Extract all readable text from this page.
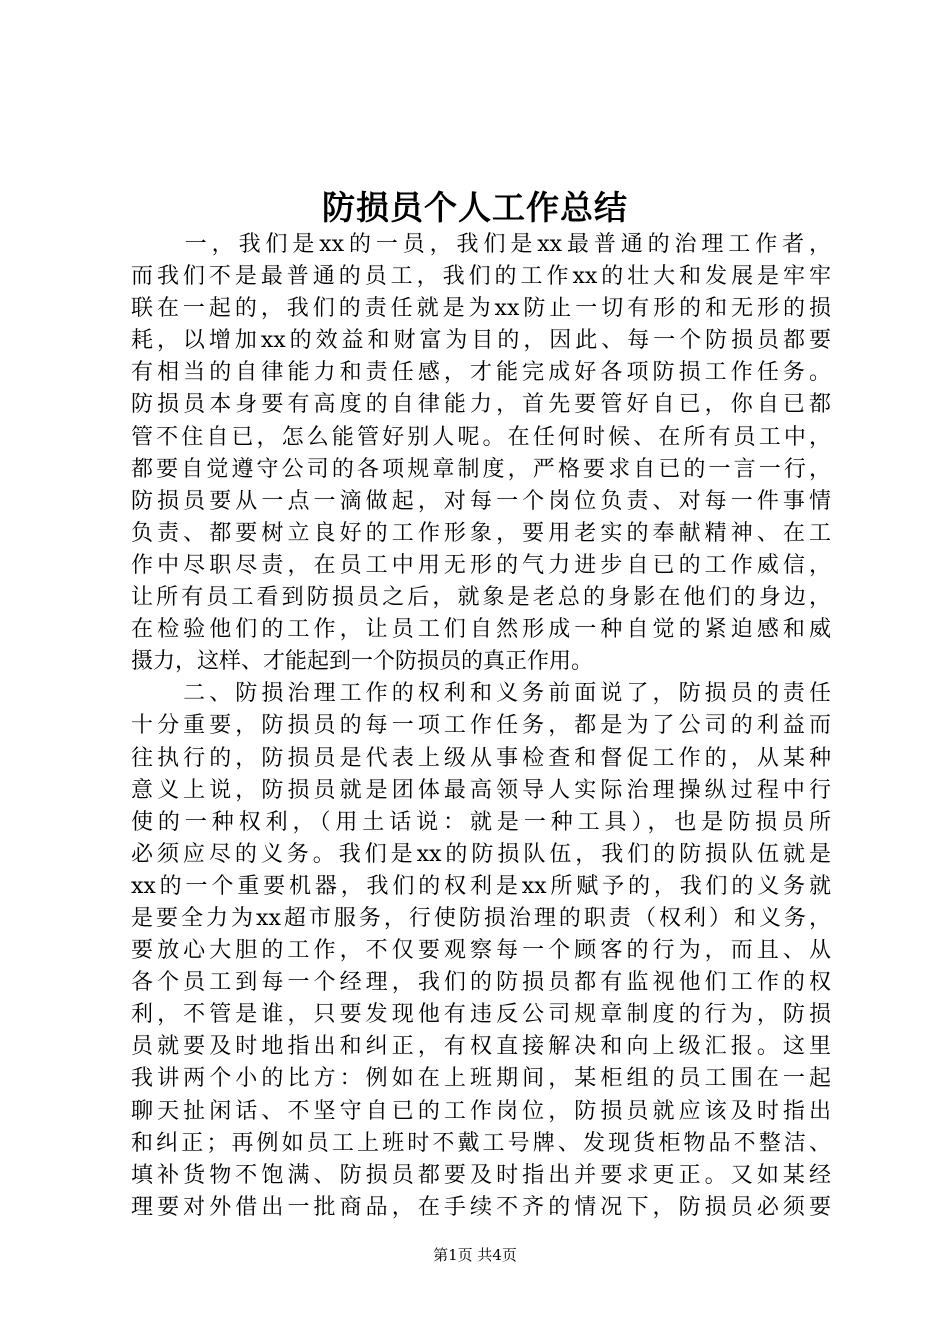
防损员个人工作总结
　　一，我们是xx的一员，我们是xx最普通的治理工作者，
而我们不是最普通的员工，我们的工作xx的壮大和发展是牢牢
联在一起的，我们的责任就是为xx防止一切有形的和无形的损
耗，以增加xx的效益和财富为目的，因此、每一个防损员都要
有相当的自律能力和责任感，才能完成好各项防损工作任务。
防损员本身要有高度的自律能力，首先要管好自已，你自已都
管不住自已，怎么能管好别人呢。在任何时候、在所有员工中，
都要自觉遵守公司的各项规章制度，严格要求自已的一言一行，
防损员要从一点一滴做起，对每一个岗位负责、对每一件事情
负责、都要树立良好的工作形象，要用老实的奉献精神、在工
作中尽职尽责，在员工中用无形的气力进步自已的工作威信，
让所有员工看到防损员之后，就象是老总的身影在他们的身边，
在检验他们的工作，让员工们自然形成一种自觉的紧迫感和威
摄力，这样、才能起到一个防损员的真正作用。
　　二、防损治理工作的权利和义务前面说了，防损员的责任
十分重要，防损员的每一项工作任务，都是为了公司的利益而
往执行的，防损员是代表上级从事检查和督促工作的，从某种
意义上说，防损员就是团体最高领导人实际治理操纵过程中行
使的一种权利，（用土话说：就是一种工具），也是防损员所
必须应尽的义务。我们是xx的防损队伍，我们的防损队伍就是
xx的一个重要机器，我们的权利是xx所赋予的，我们的义务就
是要全力为xx超市服务，行使防损治理的职责（权利）和义务，
要放心大胆的工作，不仅要观察每一个顾客的行为，而且、从
各个员工到每一个经理，我们的防损员都有监视他们工作的权
利，不管是谁，只要发现他有违反公司规章制度的行为，防损
员就要及时地指出和纠正，有权直接解决和向上级汇报。这里
我讲两个小的比方：例如在上班期间，某柜组的员工围在一起
聊天扯闲话、不坚守自已的工作岗位，防损员就应该及时指出
和纠正；再例如员工上班时不戴工号牌、发现货柜物品不整洁、
填补货物不饱满、防损员都要及时指出并要求更正。又如某经
理要对外借出一批商品，在手续不齐的情况下，防损员必须要
第1页 共4页
